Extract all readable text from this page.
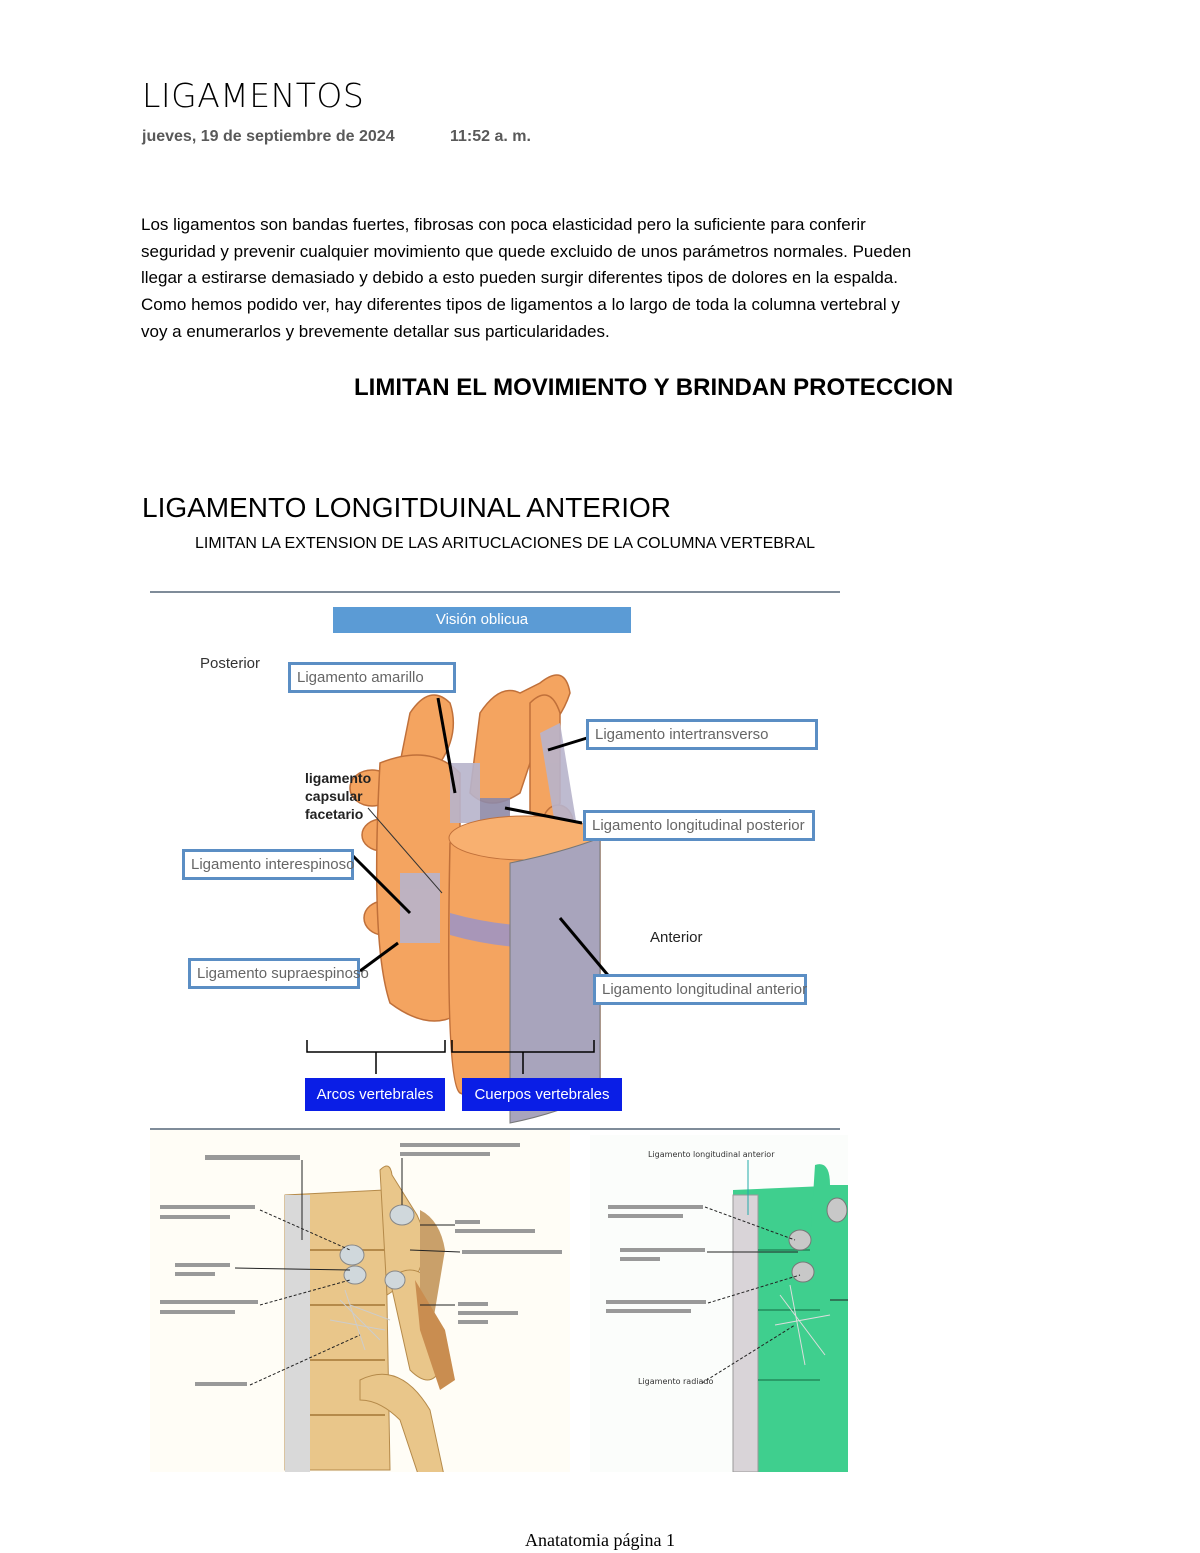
LIGAMENTOS
jueves, 19 de septiembre de 2024	11:52 a. m.
Los ligamentos son bandas fuertes, fibrosas con poca elasticidad pero la suficiente para conferir
seguridad y prevenir cualquier movimiento que quede excluido de unos parámetros normales. Pueden
llegar a estirarse demasiado y debido a esto pueden surgir diferentes tipos de dolores en la espalda.
Como hemos podido ver, hay diferentes tipos de ligamentos a lo largo de toda la columna vertebral y
voy a enumerarlos y brevemente detallar sus particularidades.
LIMITAN EL MOVIMIENTO Y BRINDAN PROTECCION
LIGAMENTO LONGITDUINAL ANTERIOR
LIMITAN LA EXTENSION DE LAS ARITUCLACIONES DE LA COLUMNA VERTEBRAL
Visión oblicua
Posterior
Anterior
Ligamento amarillo
Ligamento intertransverso
ligamento capsular facetario
Ligamento longitudinal posterior
Ligamento interespinoso
Ligamento supraespinoso
Ligamento longitudinal anterior
Arcos vertebrales	Cuerpos vertebrales
Ligamento longitudinal anterior
Ligamento radiado
Anatatomia página 1
